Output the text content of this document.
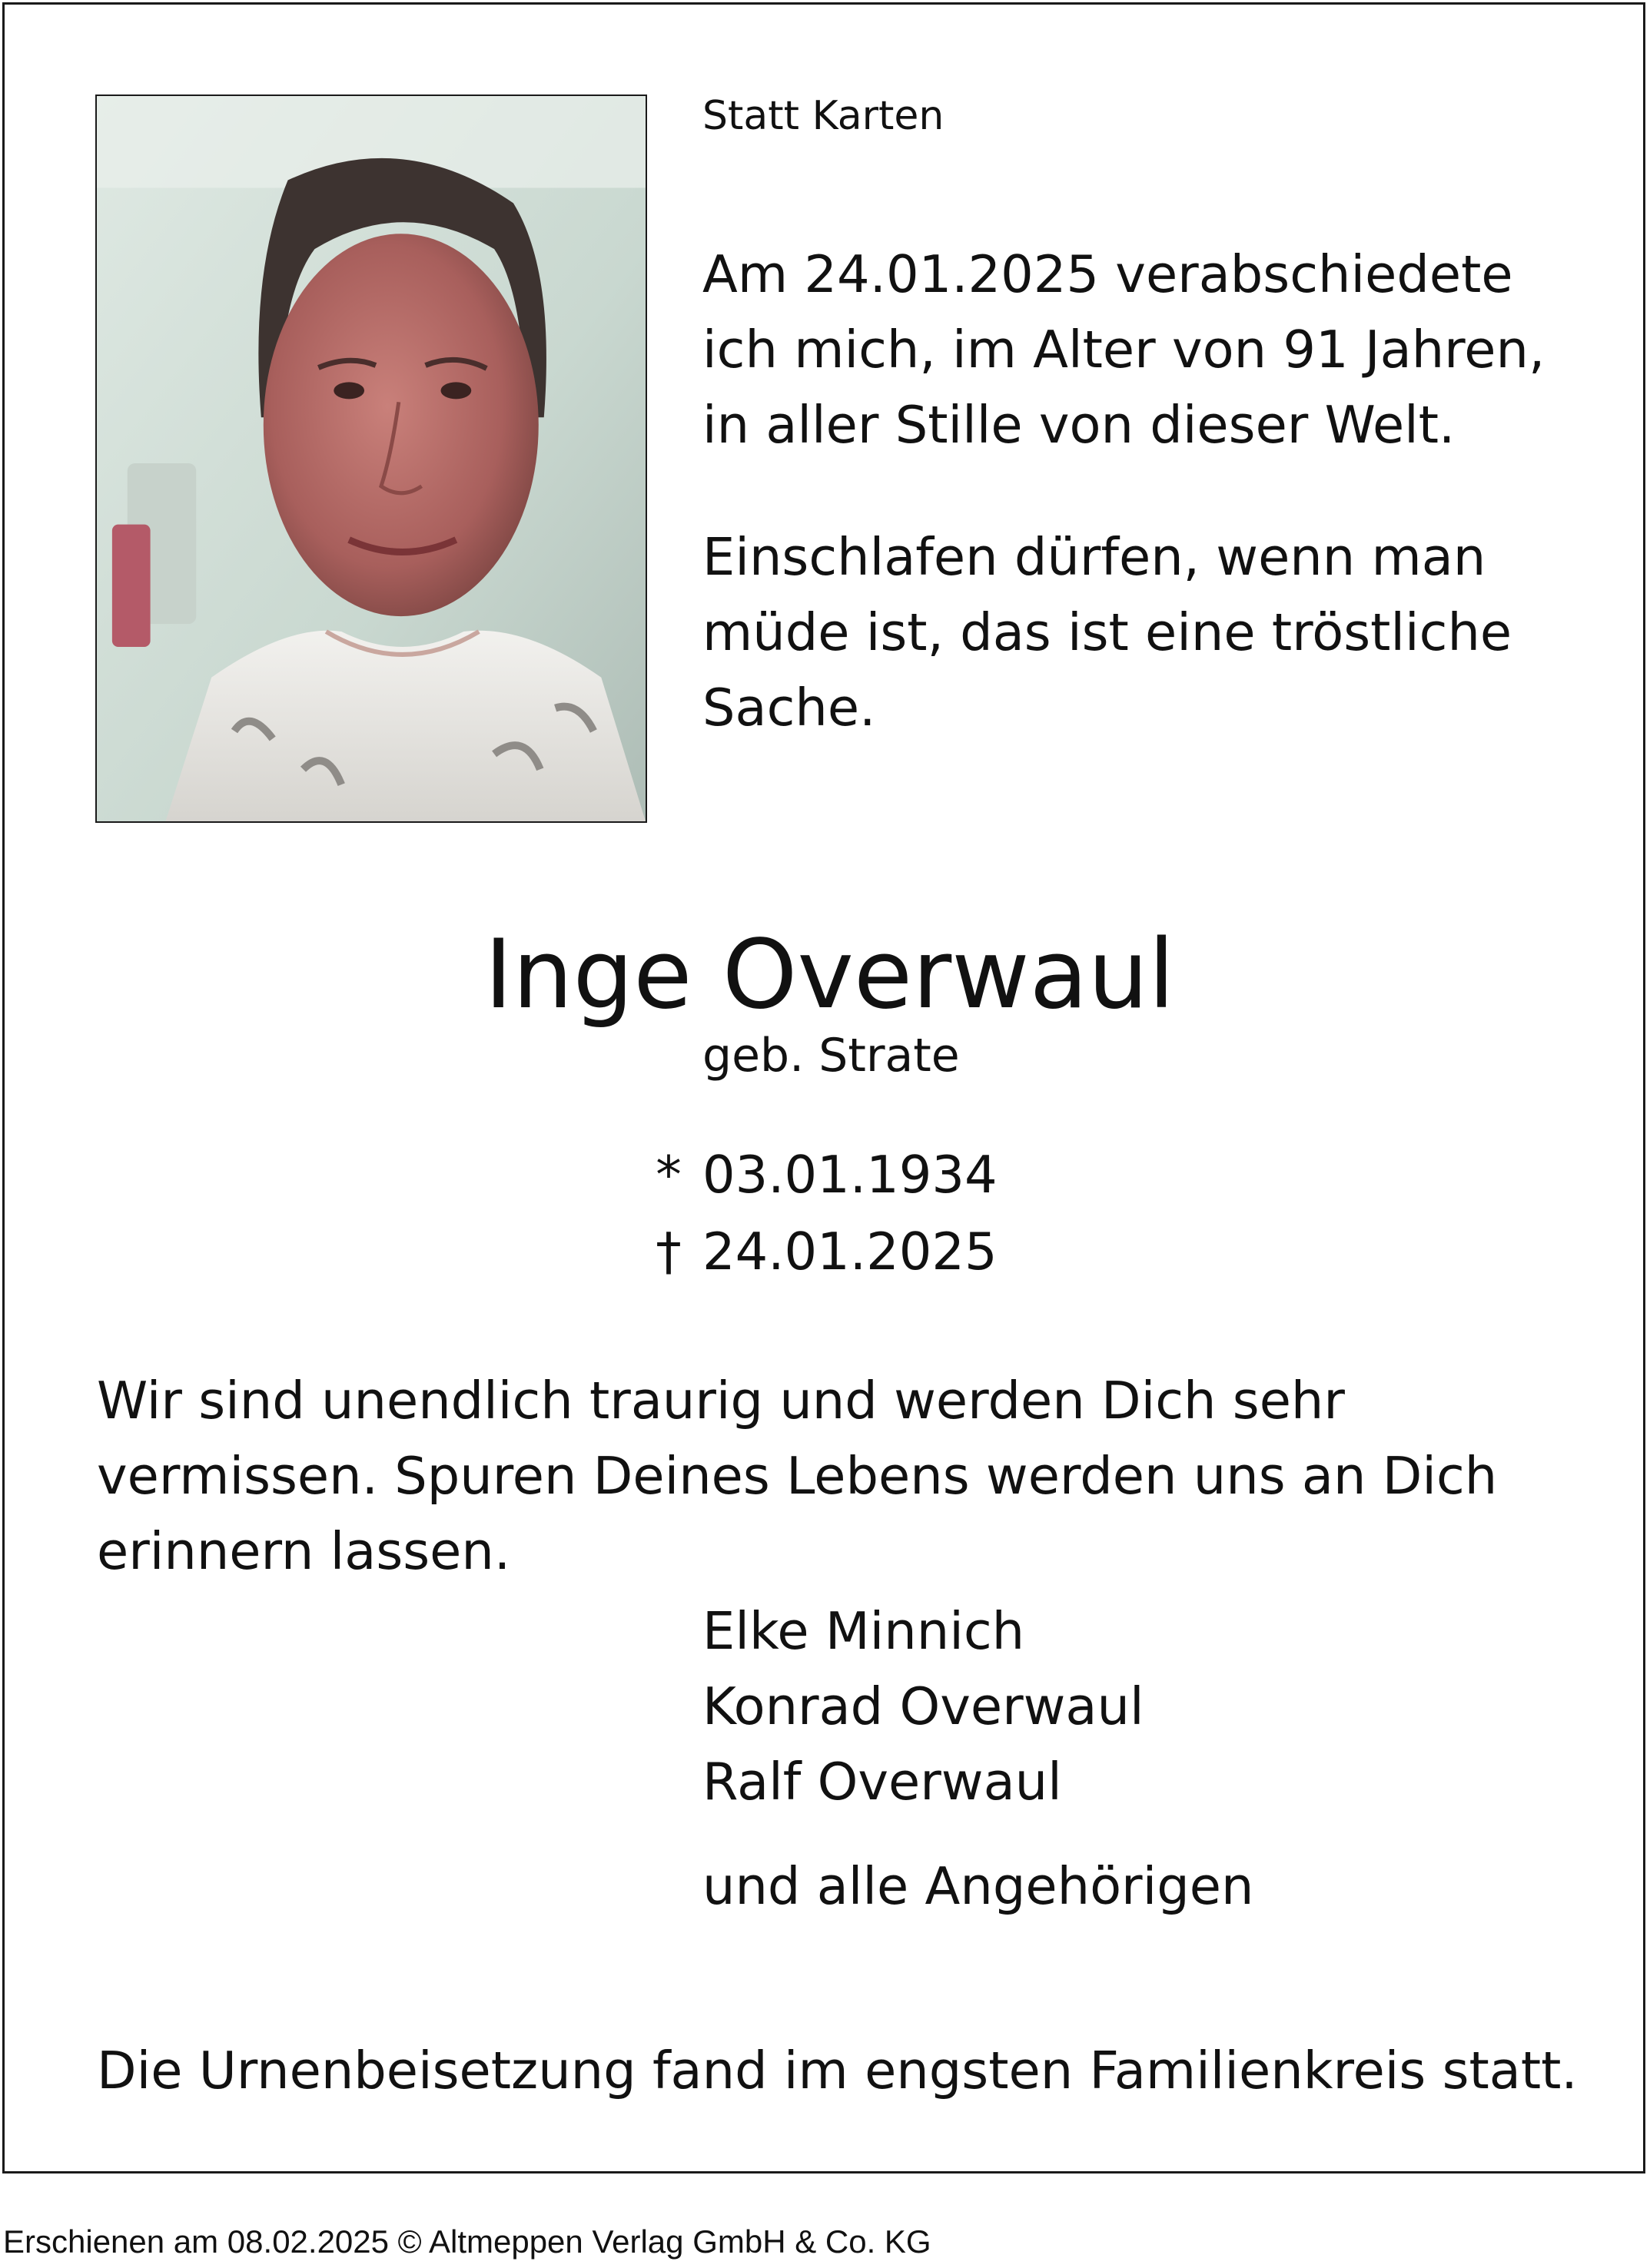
Statt Karten
Am 24.01.2025 verabschiedete
ich mich, im Alter von 91 Jahren,
in aller Stille von dieser Welt.
Einschlafen dürfen, wenn man
müde ist, das ist eine tröstliche
Sache.
Inge Overwaul
geb. Strate
* 03.01.1934
† 24.01.2025
Wir sind unendlich traurig und werden Dich sehr
vermissen. Spuren Deines Lebens werden uns an Dich
erinnern lassen.
Elke Minnich
Konrad Overwaul
Ralf Overwaul
und alle Angehörigen
Die Urnenbeisetzung fand im engsten Familienkreis statt.
Erschienen am 08.02.2025 © Altmeppen Verlag GmbH & Co. KG
